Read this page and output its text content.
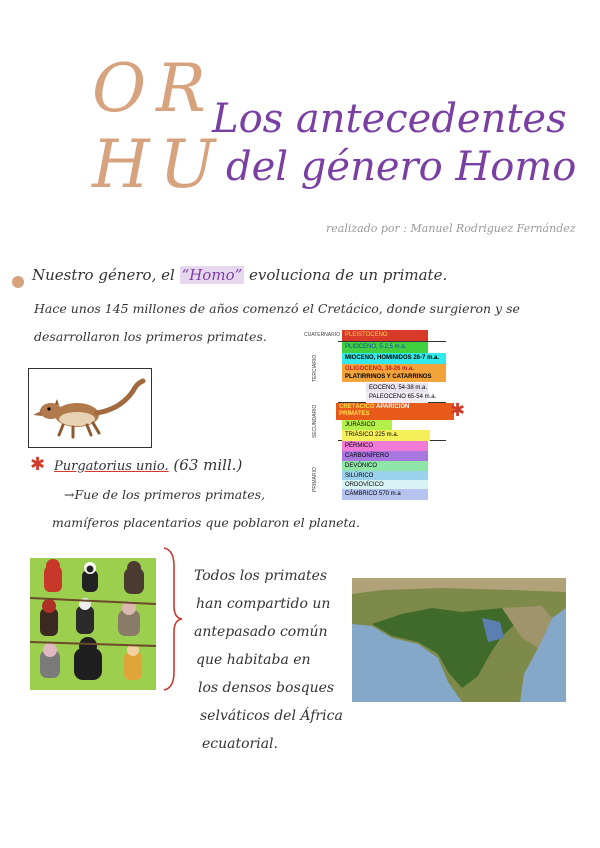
OR
HU
Los antecedentes
del género Homo
realizado por : Manuel Rodriguez Fernández
Nuestro género, el “Homo” evoluciona de un primate.
Hace unos 145 millones de años comenzó el Cretácico, donde surgieron y se
desarrollaron los primeros primates.	CUATERNARIO
TERCIARIO
SECUNDARIO
PRIMARIO
PLEISTOCENO
PLIOCENO, 5-2,5 m.a.
MIOCENO, HOMINIDOS 26-7 m.a.
OLIGOCENO, 38-26 m.a.
PLATIRRINOS Y CATARRINOS
EOCENO, 54-38 m.a.
PALEOCENO 65-54 m.a.
CRETÁCICO APARICIÓN
PRIMATES
JURÁSICO
TRIÁSICO 225 m.a.
PÉRMICO
CARBONÍFERO
DEVÓNICO
SILÚRICO
ORDOVÍCICO
CÁMBRICO 570 m.a
✱
✱ Purgatorius unio. (63 mill.)
→Fue de los primeros primates,
mamíferos placentarios que poblaron el planeta.
Todos los primates
han compartido un
antepasado común
que habitaba en
los densos bosques
selváticos del África
ecuatorial.
